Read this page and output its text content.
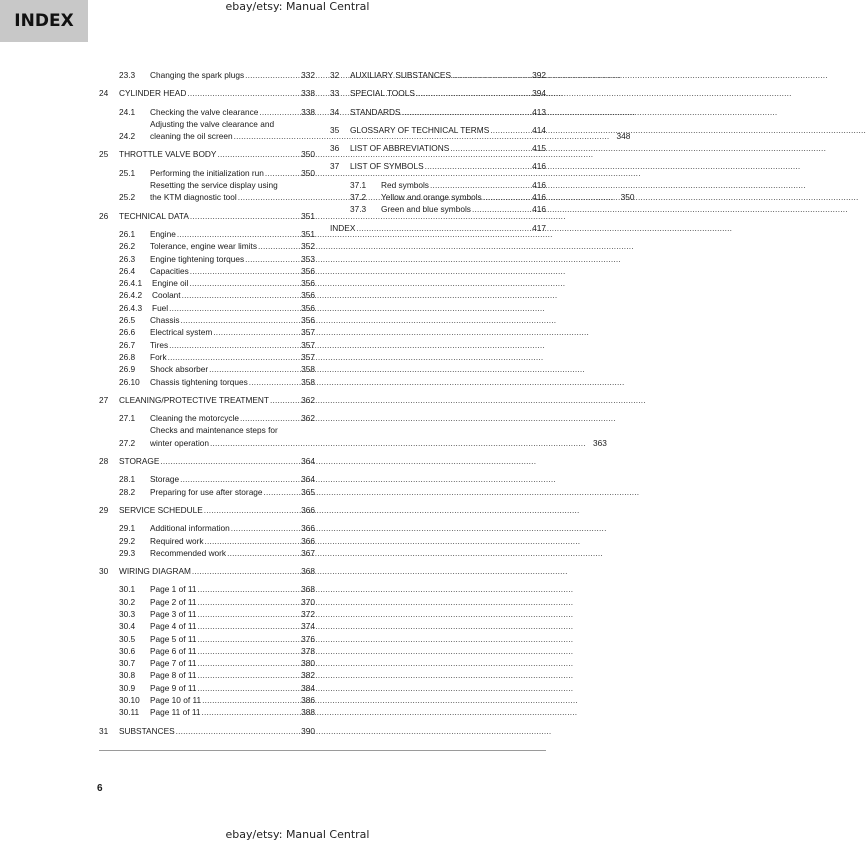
INDEX
ebay/etsy: Manual Central
23.3	Changing the spark plugs .....	332
24	CYLINDER HEAD .....	338
24.1	Checking the valve clearance .....	338
24.2
Adjusting the valve clearance and
cleaning the oil screen .....	348
25	THROTTLE VALVE BODY .....	350
25.1	Performing the initialization run .....	350
25.2
Resetting the service display using
the KTM diagnostic tool .....	350
26	TECHNICAL DATA .....	351
26.1	Engine .....	351
26.2	Tolerance, engine wear limits .....	352
26.3	Engine tightening torques .....	353
26.4	Capacities .....	356
26.4.1	Engine oil .....	356
26.4.2	Coolant .....	356
26.4.3	Fuel .....	356
26.5	Chassis .....	356
26.6	Electrical system .....	357
26.7	Tires .....	357
26.8	Fork .....	357
26.9	Shock absorber .....	358
26.10	Chassis tightening torques .....	358
27	CLEANING/PROTECTIVE TREATMENT .....	362
27.1	Cleaning the motorcycle .....	362
27.2
Checks and maintenance steps for
winter operation .....	363
28	STORAGE .....	364
28.1	Storage .....	364
28.2	Preparing for use after storage .....	365
29	SERVICE SCHEDULE .....	366
29.1	Additional information .....	366
29.2	Required work .....	366
29.3	Recommended work .....	367
30	WIRING DIAGRAM .....	368
30.1	Page 1 of 11 .....	368
30.2	Page 2 of 11 .....	370
30.3	Page 3 of 11 .....	372
30.4	Page 4 of 11 .....	374
30.5	Page 5 of 11 .....	376
30.6	Page 6 of 11 .....	378
30.7	Page 7 of 11 .....	380
30.8	Page 8 of 11 .....	382
30.9	Page 9 of 11 .....	384
30.10	Page 10 of 11 .....	386
30.11	Page 11 of 11 .....	388
31	SUBSTANCES .....	390
32	AUXILIARY SUBSTANCES .....	392
33	SPECIAL TOOLS .....	394
34	STANDARDS .....	413
35	GLOSSARY OF TECHNICAL TERMS .....	414
36	LIST OF ABBREVIATIONS .....	415
37	LIST OF SYMBOLS .....	416
37.1	Red symbols .....	416
37.2	Yellow and orange symbols .....	416
37.3	Green and blue symbols .....	416
INDEX .....	417
6
ebay/etsy: Manual Central
